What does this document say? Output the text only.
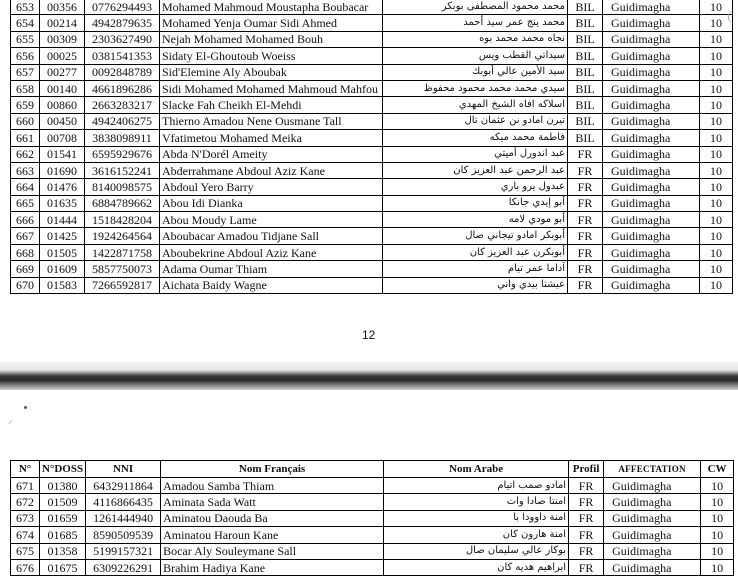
653	00356	0776294493	Mohamed Mahmoud Moustapha Boubacar	محمد محمود المصطفى بوبكر	BIL	Guidimagha	10
654	00214	4942879635	Mohamed Yenja Oumar Sidi Ahmed	محمد ينج عمر سيد أحمد	BIL	Guidimagha	10
655	00309	2303627490	Nejah Mohamed Mohamed Bouh	نجاه محمد محمد بوه	BIL	Guidimagha	10
656	00025	0381541353	Sidaty El-Ghoutoub Woeiss	سيداتي القطب ويس	BIL	Guidimagha	10
657	00277	0092848789	Sid'Elemine Aly Aboubak	سيد الأمين عالي أبوبك	BIL	Guidimagha	10
658	00140	4661896286	Sidi Mohamed Mohamed Mahmoud Mahfou	سيدي محمد محمد محمود محفوظ	BIL	Guidimagha	10
659	00860	2663283217	Slacke Fah Cheikh El-Mehdi	اسلاكه افاه الشيخ المهدي	BIL	Guidimagha	10
660	00450	4942406275	Thierno Amadou Nene Ousmane Tall	تيرن امادو نن عثمان تال	BIL	Guidimagha	10
661	00708	3838098911	Vfatimetou Mohamed Meika	فاطمة محمد ميكه	BIL	Guidimagha	10
662	01541	6595929676	Abda N'Dorél Ameity	عبد اندورل أميتي	FR	Guidimagha	10
663	01690	3616152241	Abderrahmane Abdoul Aziz Kane	عبد الرحمن عبد العزيز كان	FR	Guidimagha	10
664	01476	8140098575	Abdoul Yero Barry	عبدول يرو باري	FR	Guidimagha	10
665	01635	6884789662	Abou Idi Dianka	أبو إيدي جانكا	FR	Guidimagha	10
666	01444	1518428204	Abou Moudy Lame	أبو مودي لامه	FR	Guidimagha	10
667	01425	1924264564	Aboubacar Amadou Tidjane Sall	أبوبكر امادو تيجاني صال	FR	Guidimagha	10
668	01505	1422871758	Aboubekrine Abdoul Aziz Kane	أبوبكرن عبد العزيز كان	FR	Guidimagha	10
669	01609	5857750073	Adama Oumar Thiam	آداما عمر تيام	FR	Guidimagha	10
670	01583	7266592817	Aichata Baidy Wagne	عيشتا بيدي واني	FR	Guidimagha	10
12
⸝
N°	N°DOSS	NNI	Nom Français	Nom Arabe	Profil	AFFECTATION	CW
671	01380	6432911864	Amadou Samba Thiam	امادو صمب اتيام	FR	Guidimagha	10
672	01509	4116866435	Aminata Sada Watt	امنتا صادا وات	FR	Guidimagha	10
673	01659	1261444940	Aminatou Daouda Ba	امنة داوودا با	FR	Guidimagha	10
674	01685	8590509539	Aminatou Haroun Kane	امنة هارون كان	FR	Guidimagha	10
675	01358	5199157321	Bocar Aly Souleymane Sall	بوكار عالي سليمان صال	FR	Guidimagha	10
676	01675	6309226291	Brahim Hadiya Kane	ابراهيم هديه كان	FR	Guidimagha	10
